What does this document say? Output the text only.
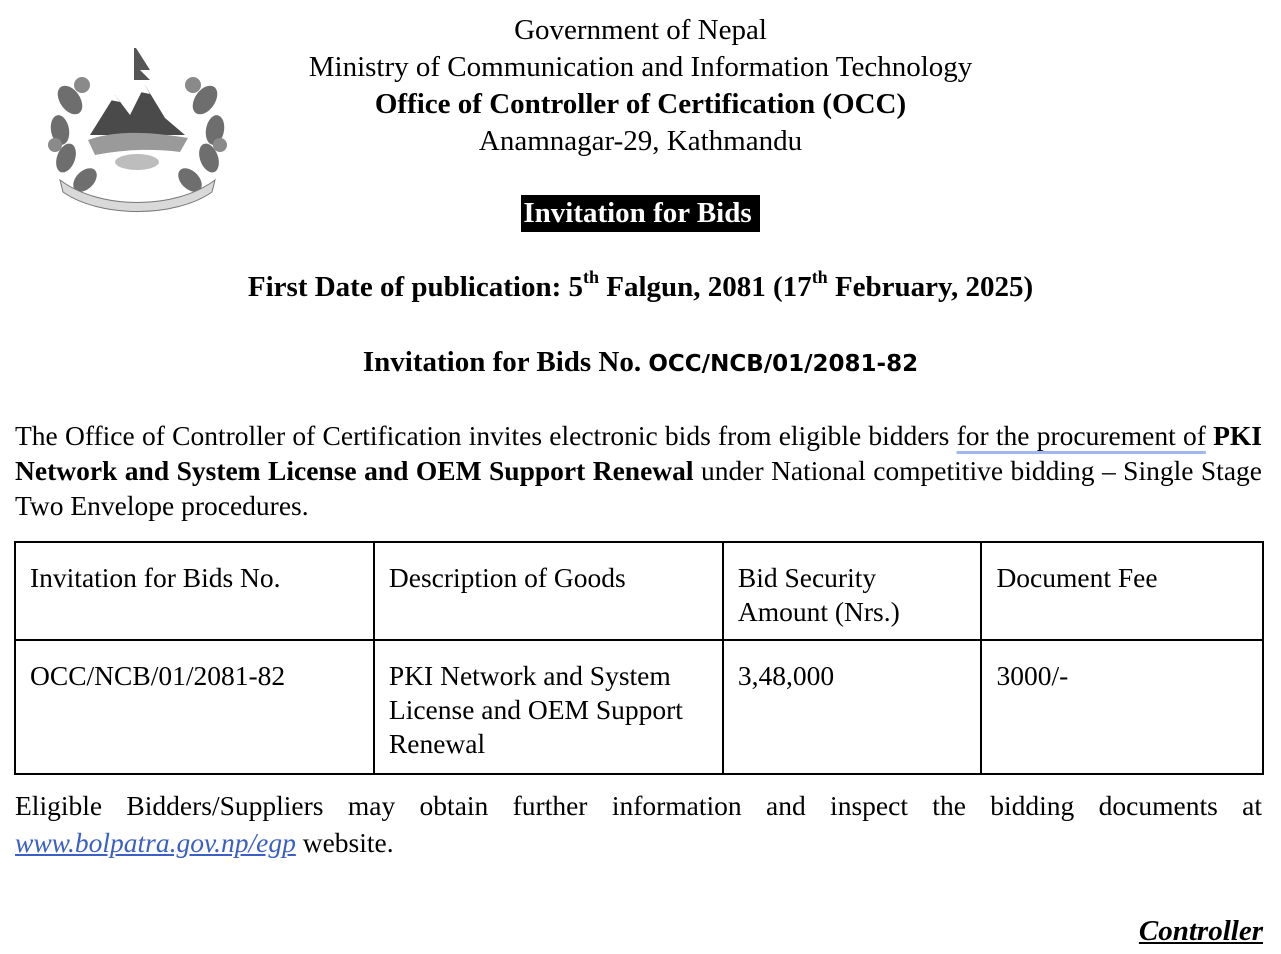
Government of Nepal
Ministry of Communication and Information Technology
Office of Controller of Certification (OCC)
Anamnagar-29, Kathmandu
Invitation for Bids
First Date of publication: 5th Falgun, 2081 (17th February, 2025)
Invitation for Bids No. OCC/NCB/01/2081-82
The Office of Controller of Certification invites electronic bids from eligible bidders for the procurement of PKI Network and System License and OEM Support Renewal under National competitive bidding – Single Stage Two Envelope procedures.
Invitation for Bids No.	Description of Goods	Bid Security Amount (Nrs.)	Document Fee
OCC/NCB/01/2081-82	PKI Network and System License and OEM Support Renewal	3,48,000	3000/-
Eligible Bidders/Suppliers may obtain further information and inspect the bidding documents at www.bolpatra.gov.np/egp website.
Controller
